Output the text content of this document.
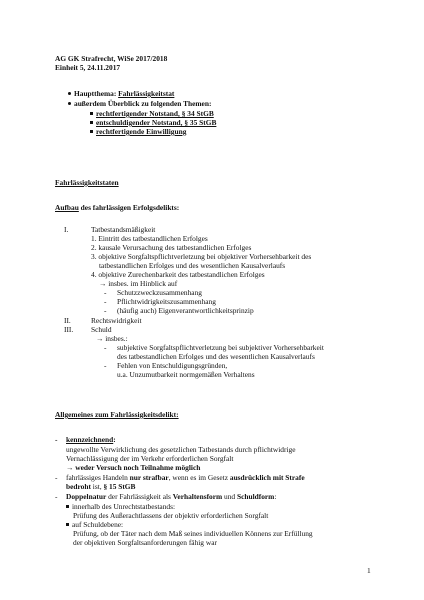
AG GK Strafrecht, WiSe 2017/2018
Einheit 5, 24.11.2017
Hauptthema: Fahrlässigkeitstat
außerdem Überblick zu folgenden Themen:
rechtfertigender Notstand, § 34 StGB
entschuldigender Notstand, § 35 StGB
rechtfertigende Einwilligung
Fahrlässigkeitstaten
Aufbau des fahrlässigen Erfolgsdelikts:
I.	Tatbestandsmäßigkeit
1. Eintritt des tatbestandlichen Erfolges
2. kausale Verursachung des tatbestandlichen Erfolges
3. objektive Sorgfaltspflichtverletzung bei objektiver Vorhersehbarkeit des
tatbestandlichen Erfolges und des wesentlichen Kausalverlaufs
4. objektive Zurechenbarkeit des tatbestandlichen Erfolges
→ insbes. im Hinblick auf
- Schutzzweckzusammenhang
- Pflichtwidrigkeitszusammenhang
- (häufig auch) Eigenverantwortlichkeitsprinzip
II.	Rechtswidrigkeit
III. Schuld
→ insbes.:
- subjektive Sorgfaltspflichtverletzung bei subjektiver Vorhersehbarkeit
des tatbestandlichen Erfolges und des wesentlichen Kausalverlaufs
- Fehlen von Entschuldigungsgründen,
u.a. Unzumutbarkeit normgemäßen Verhaltens
Allgemeines zum Fahrlässigkeitsdelikt:
- kennzeichnend:
ungewollte Verwirklichung des gesetzlichen Tatbestands durch pflichtwidrige
Vernachlässigung der im Verkehr erforderlichen Sorgfalt
→ weder Versuch noch Teilnahme möglich
- fahrlässiges Handeln nur strafbar, wenn es im Gesetz ausdrücklich mit Strafe
bedroht ist, § 15 StGB
- Doppelnatur der Fahrlässigkeit als Verhaltensform und Schuldform:
innerhalb des Unrechtstatbestands:
Prüfung des Außerachtlassens der objektiv erforderlichen Sorgfalt
auf Schuldebene:
Prüfung, ob der Täter nach dem Maß seines individuellen Könnens zur Erfüllung
der objektiven Sorgfaltsanforderungen fähig war
1
